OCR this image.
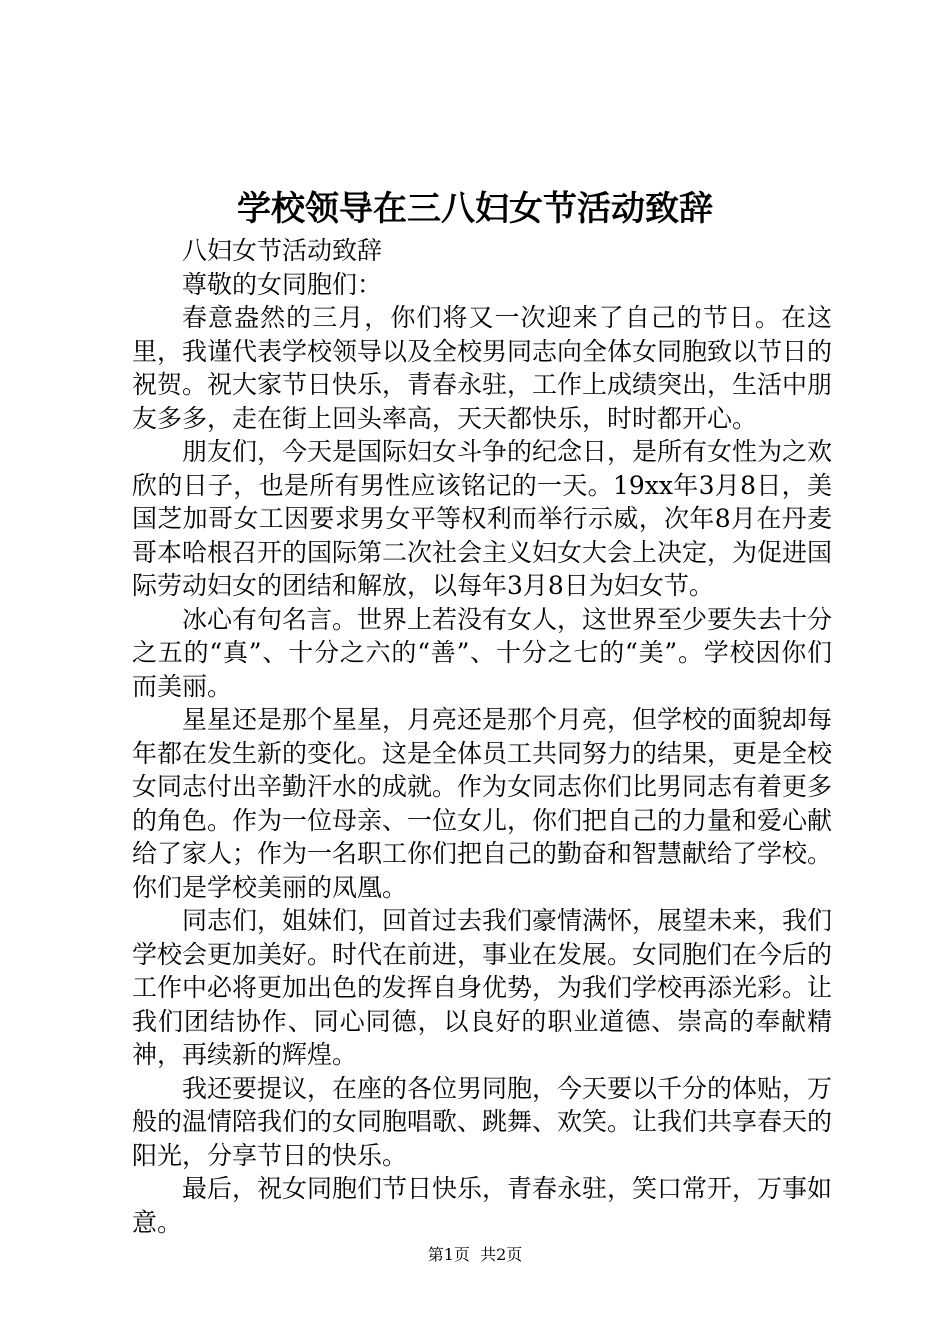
学校领导在三八妇女节活动致辞

八妇女节活动致辞

尊敬的女同胞们：

春意盎然的三月，你们将又一次迎来了自己的节日。在这里，我谨代表学校领导以及全校男同志向全体女同胞致以节日的祝贺。祝大家节日快乐，青春永驻，工作上成绩突出，生活中朋友多多，走在街上回头率高，天天都快乐，时时都开心。

朋友们，今天是国际妇女斗争的纪念日，是所有女性为之欢欣的日子，也是所有男性应该铭记的一天。19xx年3月8日，美国芝加哥女工因要求男女平等权利而举行示威，次年8月在丹麦哥本哈根召开的国际第二次社会主义妇女大会上决定，为促进国际劳动妇女的团结和解放，以每年3月8日为妇女节。

冰心有句名言。世界上若没有女人，这世界至少要失去十分之五的“真”、十分之六的“善”、十分之七的“美”。学校因你们而美丽。

星星还是那个星星，月亮还是那个月亮，但学校的面貌却每年都在发生新的变化。这是全体员工共同努力的结果，更是全校女同志付出辛勤汗水的成就。作为女同志你们比男同志有着更多的角色。作为一位母亲、一位女儿，你们把自己的力量和爱心献给了家人；作为一名职工你们把自己的勤奋和智慧献给了学校。你们是学校美丽的凤凰。

同志们，姐妹们，回首过去我们豪情满怀，展望未来，我们学校会更加美好。时代在前进，事业在发展。女同胞们在今后的工作中必将更加出色的发挥自身优势，为我们学校再添光彩。让我们团结协作、同心同德，以良好的职业道德、崇高的奉献精神，再续新的辉煌。

我还要提议，在座的各位男同胞，今天要以千分的体贴，万般的温情陪我们的女同胞唱歌、跳舞、欢笑。让我们共享春天的阳光，分享节日的快乐。

最后，祝女同胞们节日快乐，青春永驻，笑口常开，万事如意。

第1页 共2页
